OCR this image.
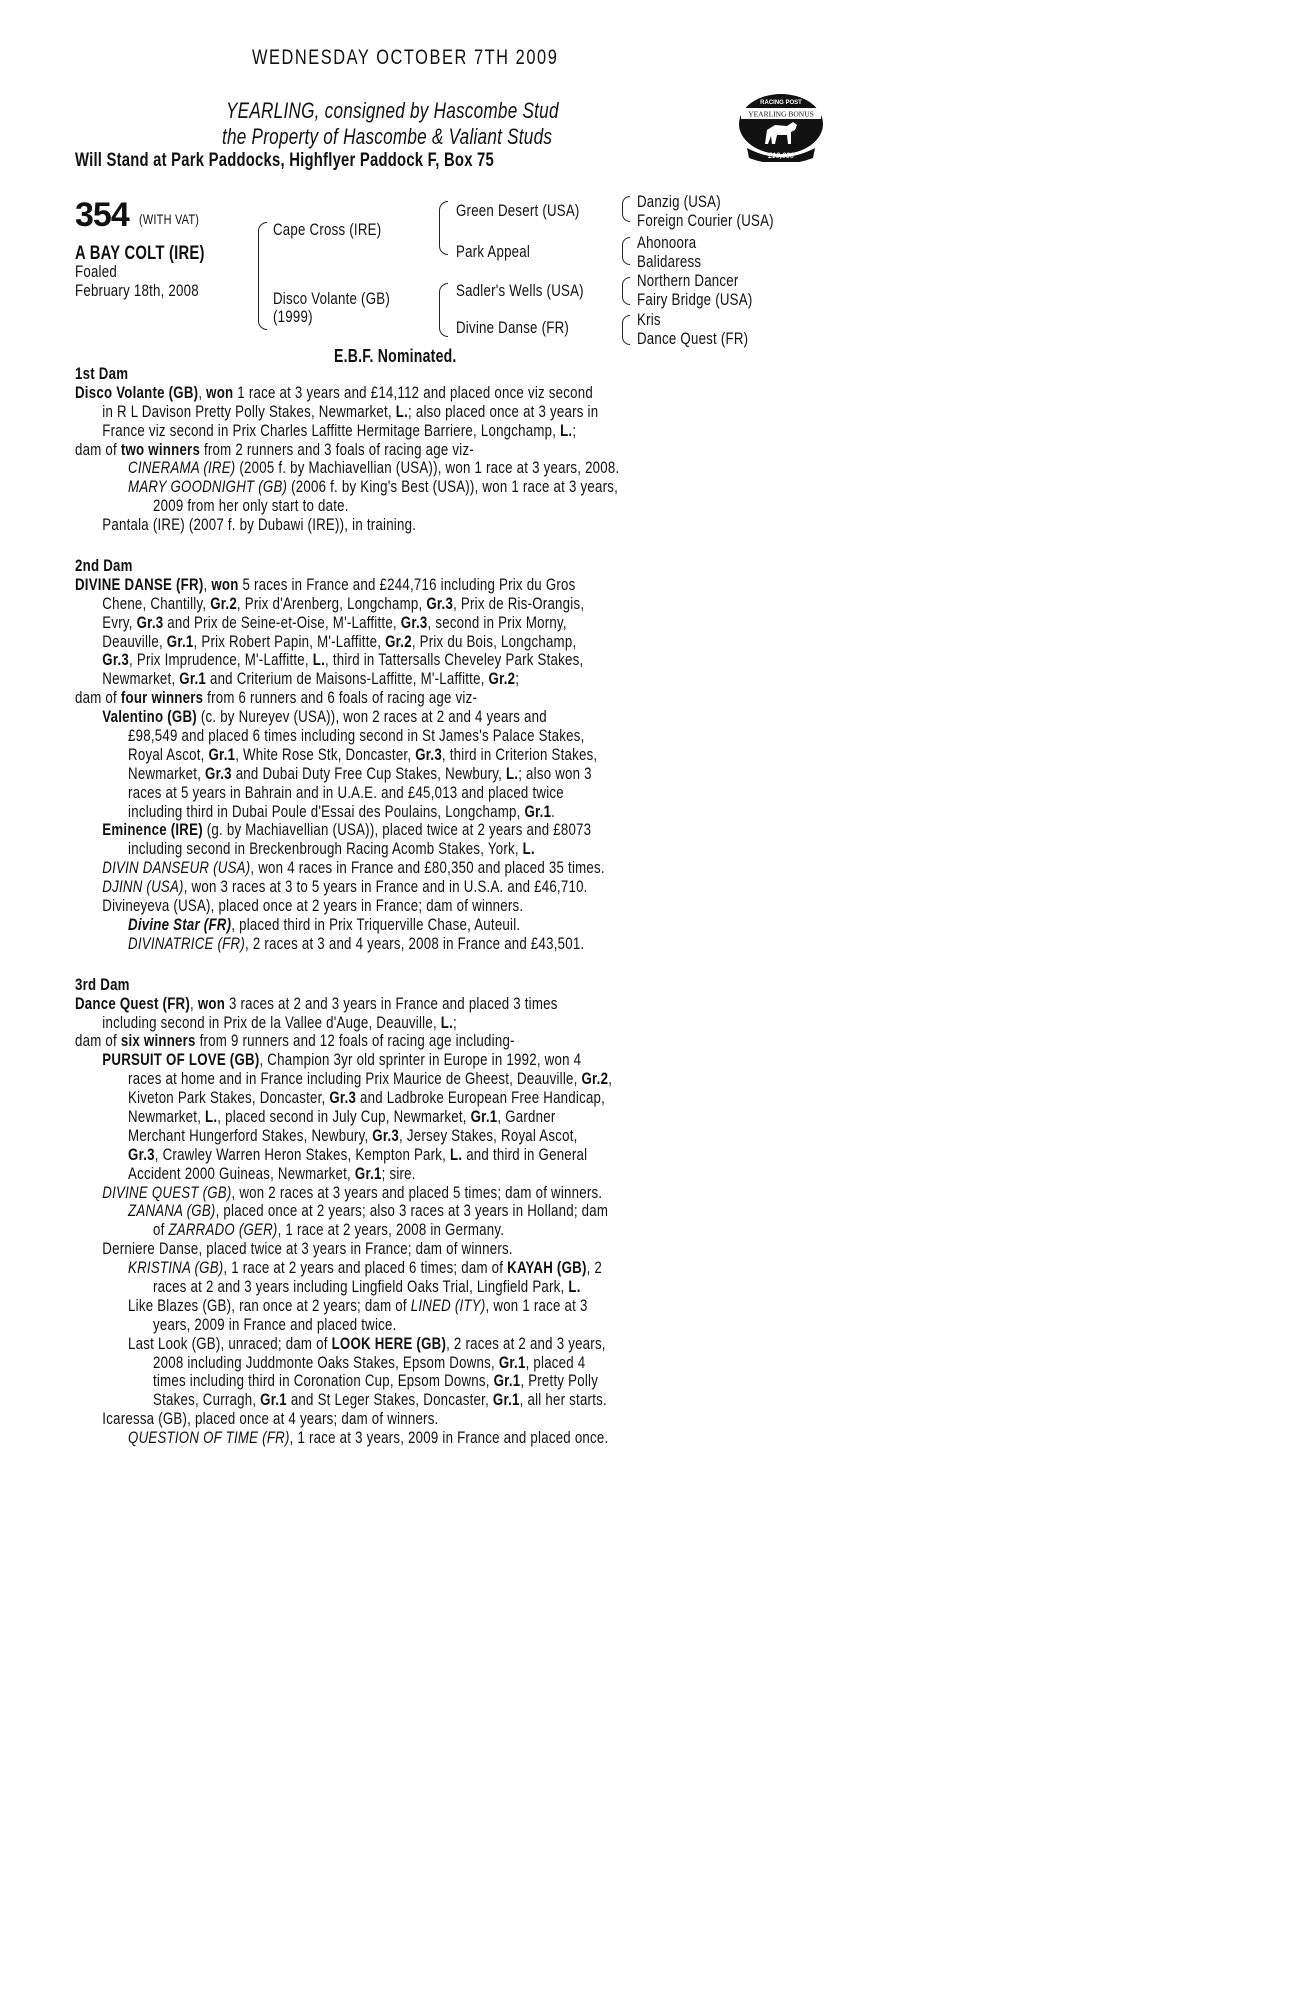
WEDNESDAY OCTOBER 7TH 2009
YEARLING, consigned by Hascombe Stud
the Property of Hascombe & Valiant Studs
Will Stand at Park Paddocks, Highflyer Paddock F, Box 75
RACING POST
YEARLING BONUS
£10,000
354 (WITH VAT)
A BAY COLT (IRE)
Foaled
February 18th, 2008
Cape Cross (IRE)
Disco Volante (GB)
(1999)
Green Desert (USA)
Park Appeal
Sadler's Wells (USA)
Divine Danse (FR)
Danzig (USA)
Foreign Courier (USA)
Ahonoora
Balidaress
Northern Dancer
Fairy Bridge (USA)
Kris
Dance Quest (FR)
E.B.F. Nominated.
1st Dam
Disco Volante (GB), won 1 race at 3 years and £14,112 and placed once viz second
in R L Davison Pretty Polly Stakes, Newmarket, L.; also placed once at 3 years in
France viz second in Prix Charles Laffitte Hermitage Barriere, Longchamp, L.;
dam of two winners from 2 runners and 3 foals of racing age viz-
CINERAMA (IRE) (2005 f. by Machiavellian (USA)), won 1 race at 3 years, 2008.
MARY GOODNIGHT (GB) (2006 f. by King's Best (USA)), won 1 race at 3 years,
2009 from her only start to date.
Pantala (IRE) (2007 f. by Dubawi (IRE)), in training.
2nd Dam
DIVINE DANSE (FR), won 5 races in France and £244,716 including Prix du Gros
Chene, Chantilly, Gr.2, Prix d'Arenberg, Longchamp, Gr.3, Prix de Ris-Orangis,
Evry, Gr.3 and Prix de Seine-et-Oise, M'-Laffitte, Gr.3, second in Prix Morny,
Deauville, Gr.1, Prix Robert Papin, M'-Laffitte, Gr.2, Prix du Bois, Longchamp,
Gr.3, Prix Imprudence, M'-Laffitte, L., third in Tattersalls Cheveley Park Stakes,
Newmarket, Gr.1 and Criterium de Maisons-Laffitte, M'-Laffitte, Gr.2;
dam of four winners from 6 runners and 6 foals of racing age viz-
Valentino (GB) (c. by Nureyev (USA)), won 2 races at 2 and 4 years and
£98,549 and placed 6 times including second in St James's Palace Stakes,
Royal Ascot, Gr.1, White Rose Stk, Doncaster, Gr.3, third in Criterion Stakes,
Newmarket, Gr.3 and Dubai Duty Free Cup Stakes, Newbury, L.; also won 3
races at 5 years in Bahrain and in U.A.E. and £45,013 and placed twice
including third in Dubai Poule d'Essai des Poulains, Longchamp, Gr.1.
Eminence (IRE) (g. by Machiavellian (USA)), placed twice at 2 years and £8073
including second in Breckenbrough Racing Acomb Stakes, York, L.
DIVIN DANSEUR (USA), won 4 races in France and £80,350 and placed 35 times.
DJINN (USA), won 3 races at 3 to 5 years in France and in U.S.A. and £46,710.
Divineyeva (USA), placed once at 2 years in France; dam of winners.
Divine Star (FR), placed third in Prix Triquerville Chase, Auteuil.
DIVINATRICE (FR), 2 races at 3 and 4 years, 2008 in France and £43,501.
3rd Dam
Dance Quest (FR), won 3 races at 2 and 3 years in France and placed 3 times
including second in Prix de la Vallee d'Auge, Deauville, L.;
dam of six winners from 9 runners and 12 foals of racing age including-
PURSUIT OF LOVE (GB), Champion 3yr old sprinter in Europe in 1992, won 4
races at home and in France including Prix Maurice de Gheest, Deauville, Gr.2,
Kiveton Park Stakes, Doncaster, Gr.3 and Ladbroke European Free Handicap,
Newmarket, L., placed second in July Cup, Newmarket, Gr.1, Gardner
Merchant Hungerford Stakes, Newbury, Gr.3, Jersey Stakes, Royal Ascot,
Gr.3, Crawley Warren Heron Stakes, Kempton Park, L. and third in General
Accident 2000 Guineas, Newmarket, Gr.1; sire.
DIVINE QUEST (GB), won 2 races at 3 years and placed 5 times; dam of winners.
ZANANA (GB), placed once at 2 years; also 3 races at 3 years in Holland; dam
of ZARRADO (GER), 1 race at 2 years, 2008 in Germany.
Derniere Danse, placed twice at 3 years in France; dam of winners.
KRISTINA (GB), 1 race at 2 years and placed 6 times; dam of KAYAH (GB), 2
races at 2 and 3 years including Lingfield Oaks Trial, Lingfield Park, L.
Like Blazes (GB), ran once at 2 years; dam of LINED (ITY), won 1 race at 3
years, 2009 in France and placed twice.
Last Look (GB), unraced; dam of LOOK HERE (GB), 2 races at 2 and 3 years,
2008 including Juddmonte Oaks Stakes, Epsom Downs, Gr.1, placed 4
times including third in Coronation Cup, Epsom Downs, Gr.1, Pretty Polly
Stakes, Curragh, Gr.1 and St Leger Stakes, Doncaster, Gr.1, all her starts.
Icaressa (GB), placed once at 4 years; dam of winners.
QUESTION OF TIME (FR), 1 race at 3 years, 2009 in France and placed once.
